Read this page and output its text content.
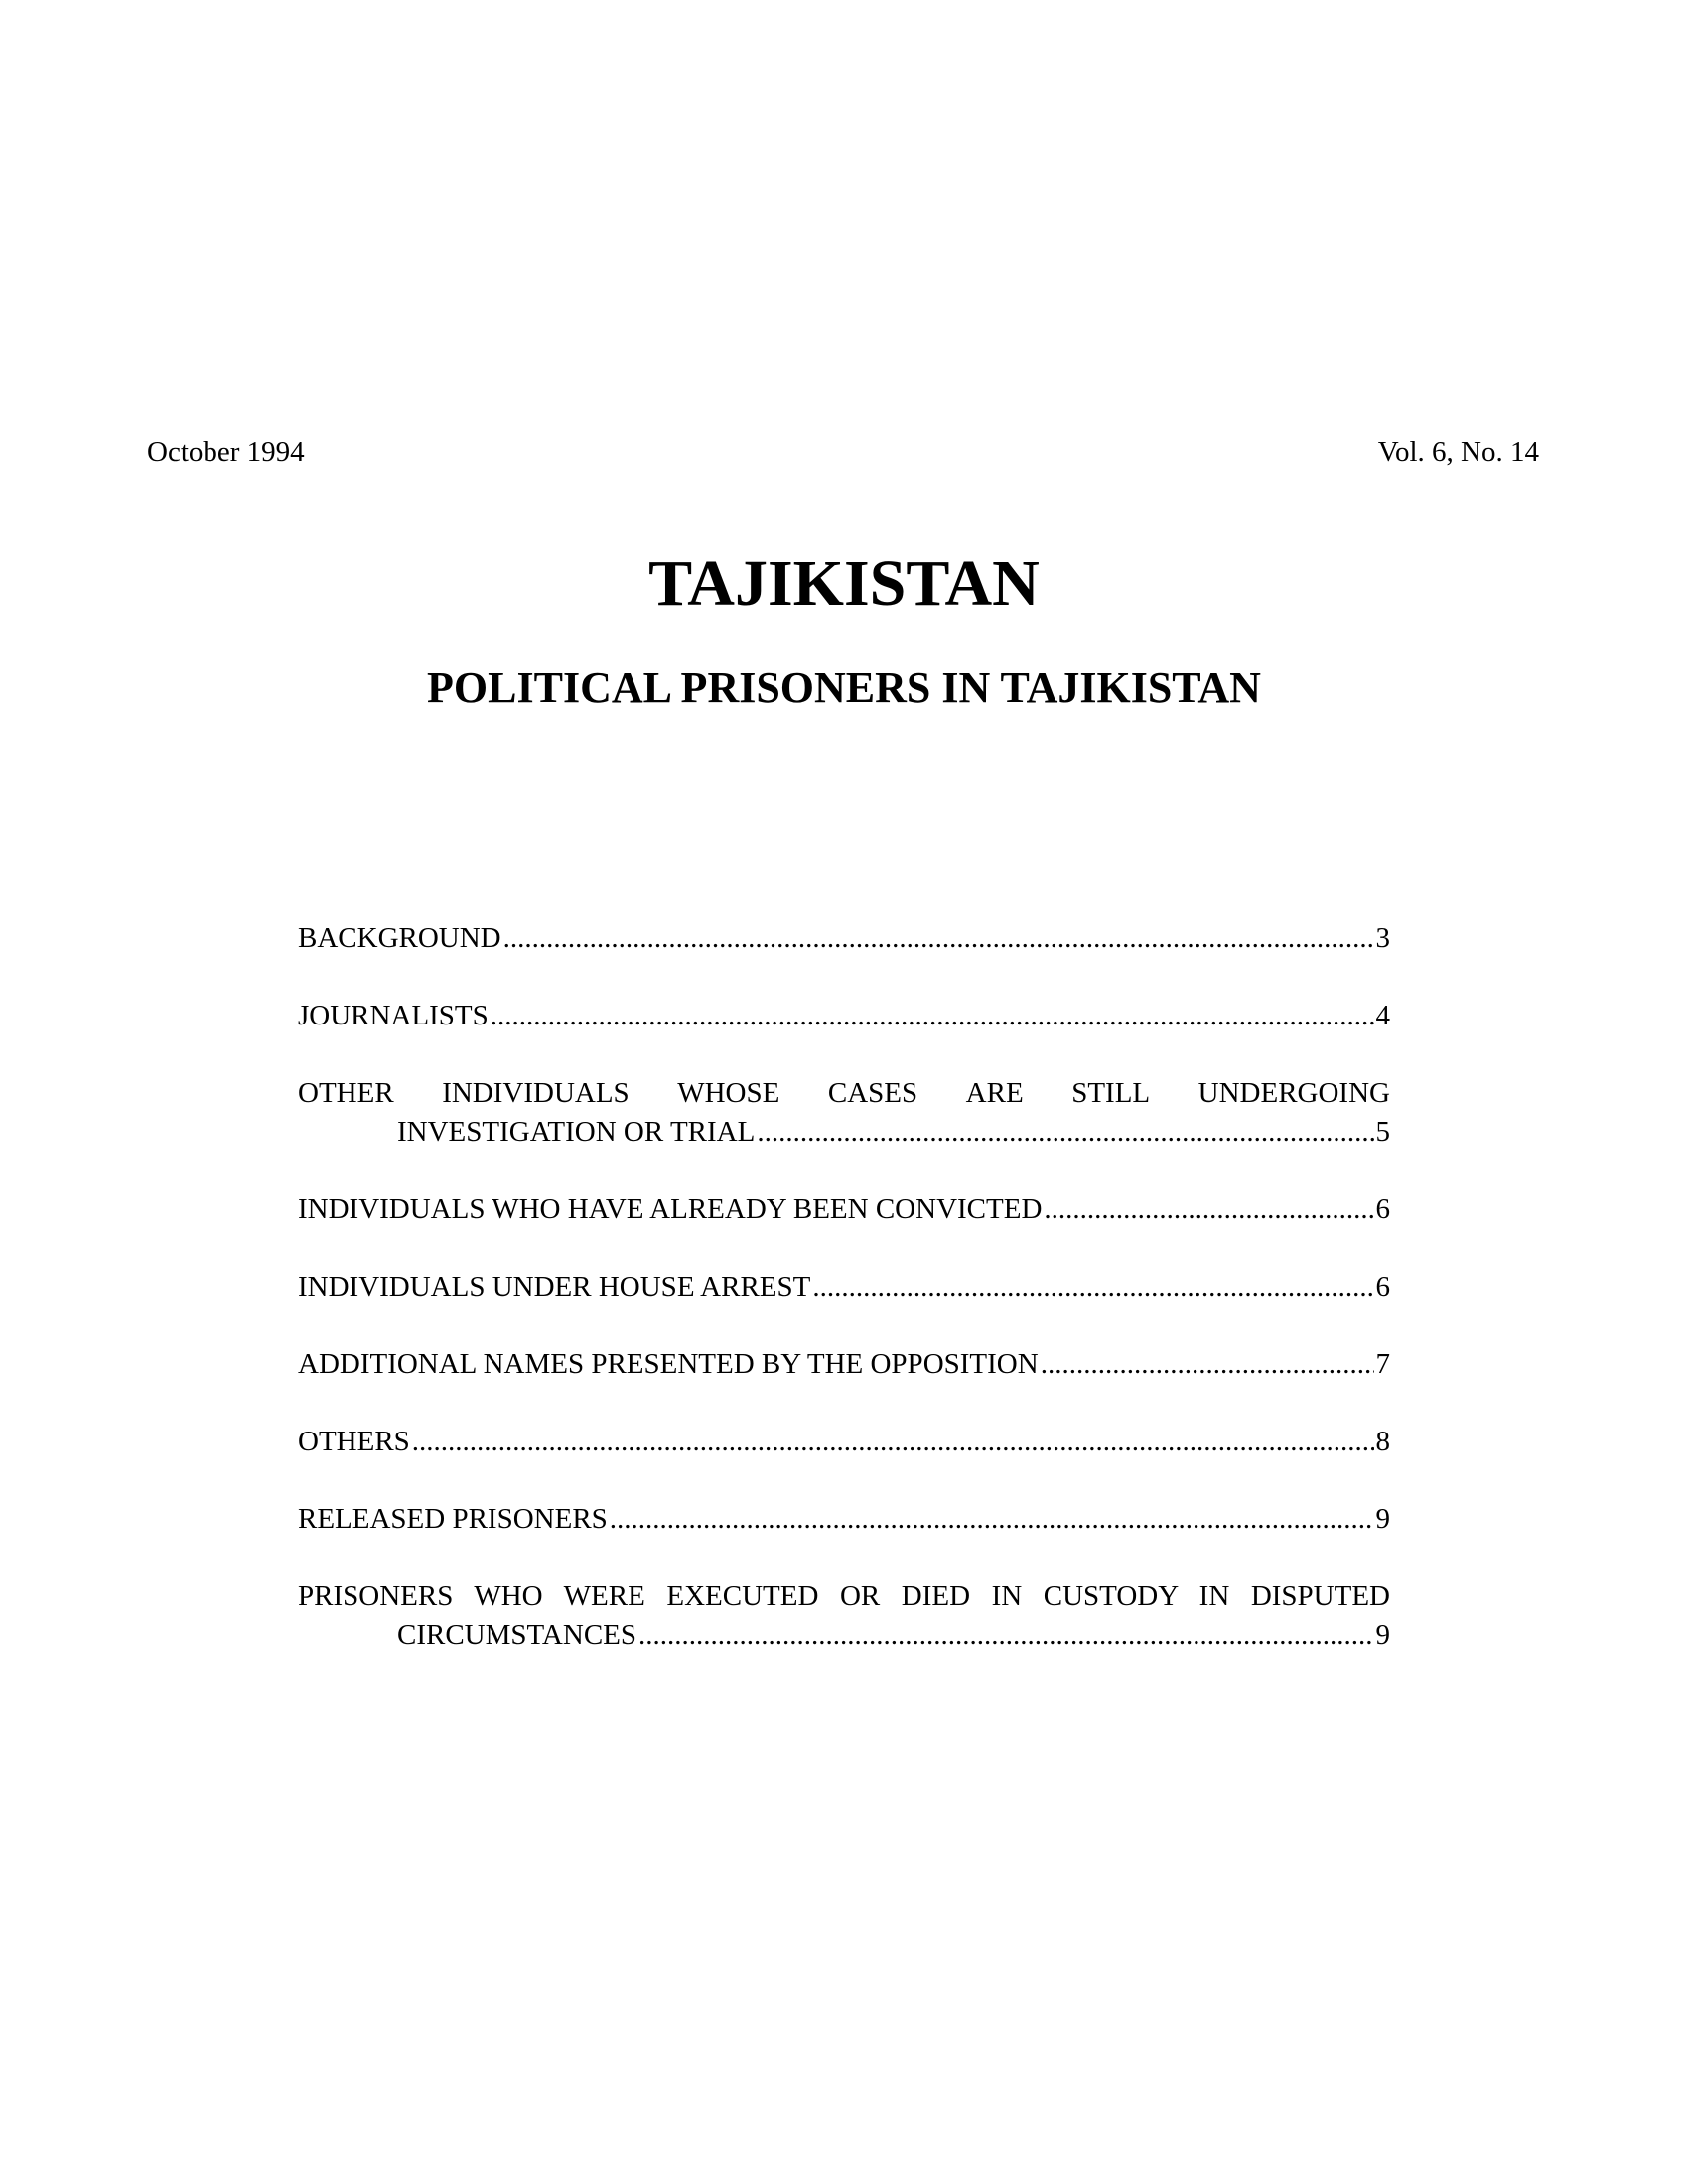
October 1994	Vol. 6, No. 14
TAJIKISTAN
POLITICAL PRISONERS IN TAJIKISTAN
BACKGROUND .....	3
JOURNALISTS .....	4
OTHER INDIVIDUALS WHOSE CASES ARE STILL UNDERGOING
INVESTIGATION OR TRIAL .....	5
INDIVIDUALS WHO HAVE ALREADY BEEN CONVICTED .....	6
INDIVIDUALS UNDER HOUSE ARREST .....	6
ADDITIONAL NAMES PRESENTED BY THE OPPOSITION .....	7
OTHERS .....	8
RELEASED PRISONERS .....	9
PRISONERS WHO WERE EXECUTED OR DIED IN CUSTODY IN DISPUTED
CIRCUMSTANCES .....	9
